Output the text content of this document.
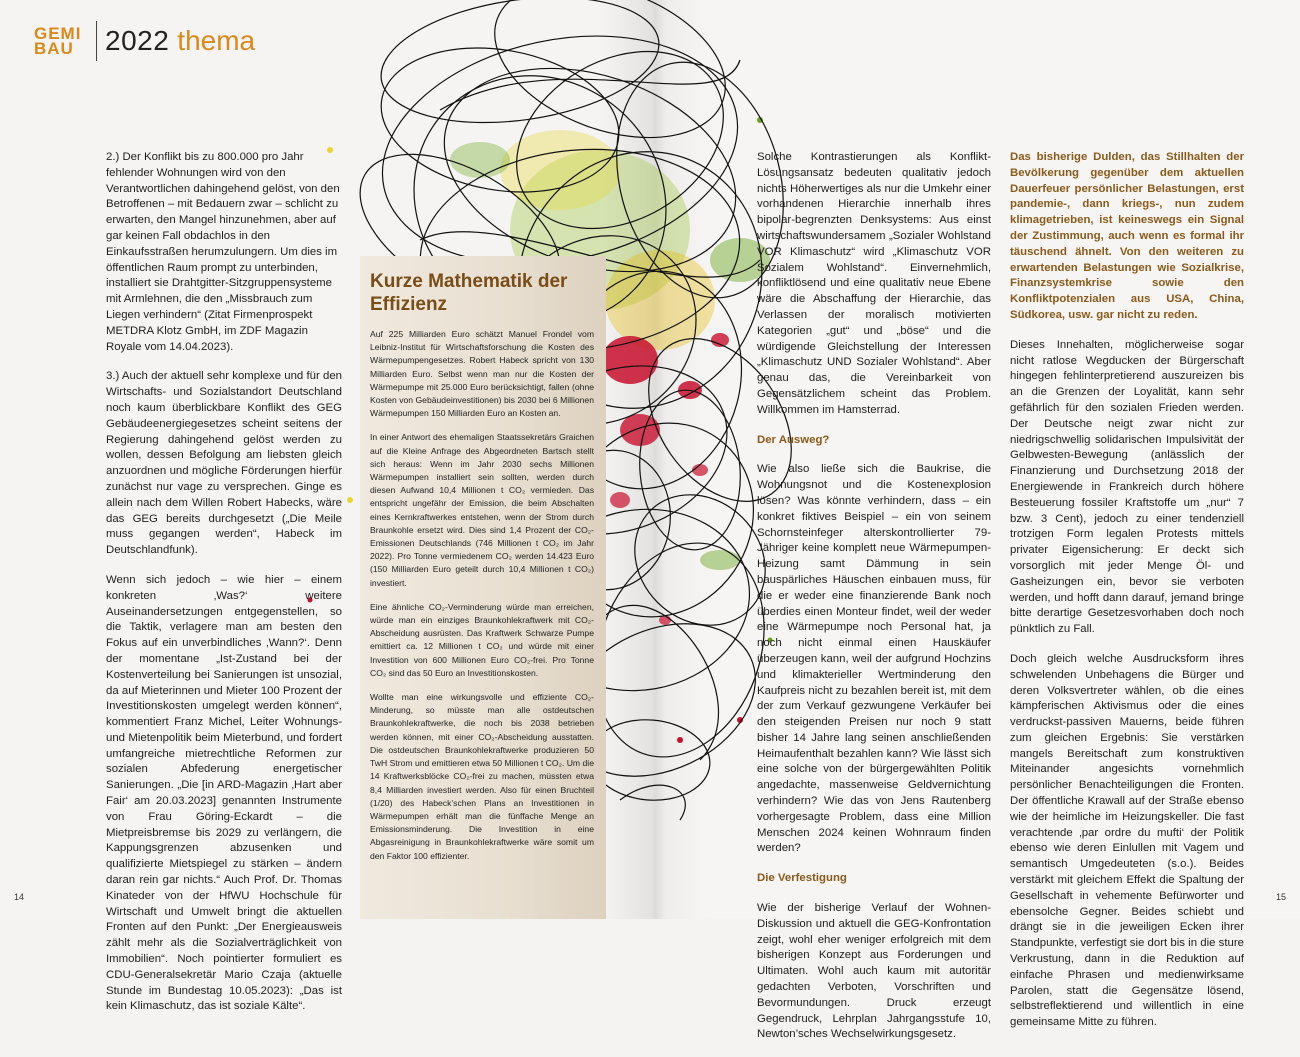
GEMI
BAU	2022 thema

2.) Der Konflikt bis zu 800.000 pro Jahr fehlender Wohnungen wird von den Verantwortlichen dahingehend gelöst, von den Betroffenen – mit Bedauern zwar – schlicht zu erwarten, den Mangel hinzunehmen, aber auf gar keinen Fall obdachlos in den Einkaufsstraßen herumzulungern. Um dies im öffentlichen Raum prompt zu unterbinden, installiert sie Drahtgitter-Sitzgruppensysteme mit Armlehnen, die den „Missbrauch zum Liegen verhindern“ (Zitat Firmenprospekt METDRA Klotz GmbH, im ZDF Magazin Royale vom 14.04.2023).

3.) Auch der aktuell sehr komplexe und für den Wirtschafts- und Sozialstandort Deutschland noch kaum überblickbare Konflikt des GEG Gebäudeenergiegesetzes scheint seitens der Regierung dahingehend gelöst werden zu wollen, dessen Befolgung am liebsten gleich anzuordnen und mögliche Förderungen hierfür zunächst nur vage zu versprechen. Ginge es allein nach dem Willen Robert Habecks, wäre das GEG bereits durchgesetzt („Die Meile muss gegangen werden“, Habeck im Deutschlandfunk).

Wenn sich jedoch – wie hier – einem konkreten ‚Was?‘ weitere Auseinandersetzungen entgegenstellen, so die Taktik, verlagere man am besten den Fokus auf ein unverbindliches ‚Wann?‘. Denn der momentane „Ist-Zustand bei der Kostenverteilung bei Sanierungen ist unsozial, da auf Mieterinnen und Mieter 100 Prozent der Investitionskosten umgelegt werden können“, kommentiert Franz Michel, Leiter Wohnungs- und Mietenpolitik beim Mieterbund, und fordert umfangreiche mietrechtliche Reformen zur sozialen Abfederung energetischer Sanierungen. „Die [in ARD-Magazin ‚Hart aber Fair‘ am 20.03.2023] genannten Instrumente von Frau Göring-Eckardt – die Mietpreisbremse bis 2029 zu verlängern, die Kappungsgrenzen abzusenken und qualifizierte Mietspiegel zu stärken – ändern daran rein gar nichts.“ Auch Prof. Dr. Thomas Kinateder von der HfWU Hochschule für Wirtschaft und Umwelt bringt die aktuellen Fronten auf den Punkt: „Der Energieausweis zählt mehr als die Sozialverträglichkeit von Immobilien“. Noch pointierter formuliert es CDU-Generalsekretär Mario Czaja (aktuelle Stunde im Bundestag 10.05.2023): „Das ist kein Klimaschutz, das ist soziale Kälte“.

Kurze Mathematik der Effizienz

Auf 225 Milliarden Euro schätzt Manuel Frondel vom Leibniz-Institut für Wirtschaftsforschung die Kosten des Wärmepumpengesetzes. Robert Habeck spricht von 130 Milliarden Euro. Selbst wenn man nur die Kosten der Wärmepumpe mit 25.000 Euro berücksichtigt, fallen (ohne Kosten von Gebäudeinvestitionen) bis 2030 bei 6 Millionen Wärmepumpen 150 Milliarden Euro an Kosten an.

In einer Antwort des ehemaligen Staatssekretärs Graichen auf die Kleine Anfrage des Abgeordneten Bartsch stellt sich heraus: Wenn im Jahr 2030 sechs Millionen Wärmepumpen installiert sein sollten, werden durch diesen Aufwand 10,4 Millionen t CO₂ vermieden. Das entspricht ungefähr der Emission, die beim Abschalten eines Kernkraftwerkes entstehen, wenn der Strom durch Braunkohle ersetzt wird. Dies sind 1,4 Prozent der CO₂-Emissionen Deutschlands (746 Millionen t CO₂ im Jahr 2022). Pro Tonne vermiedenem CO₂ werden 14.423 Euro (150 Milliarden Euro geteilt durch 10,4 Millionen t CO₂) investiert.

Eine ähnliche CO₂-Verminderung würde man erreichen, würde man ein einziges Braunkohlekraftwerk mit CO₂-Abscheidung ausrüsten. Das Kraftwerk Schwarze Pumpe emittiert ca. 12 Millionen t CO₂ und würde mit einer Investition von 600 Millionen Euro CO₂-frei. Pro Tonne CO₂ sind das 50 Euro an Investitionskosten.

Wollte man eine wirkungsvolle und effiziente CO₂-Minderung, so müsste man alle ostdeutschen Braunkohlekraftwerke, die noch bis 2038 betrieben werden können, mit einer CO₂-Abscheidung ausstatten. Die ostdeutschen Braunkohlekraftwerke produzieren 50 TwH Strom und emittieren etwa 50 Millionen t CO₂. Um die 14 Kraftwerksblöcke CO₂-frei zu machen, müssten etwa 8,4 Milliarden investiert werden. Also für einen Bruchteil (1/20) des Habeck’schen Plans an Investitionen in Wärmepumpen erhält man die fünffache Menge an Emissionsminderung. Die Investition in eine Abgasreinigung in Braunkohlekraftwerke wäre somit um den Faktor 100 effizienter.

Solche Kontrastierungen als Konflikt-Lösungsansatz bedeuten qualitativ jedoch nichts Höherwertiges als nur die Umkehr einer vorhandenen Hierarchie innerhalb ihres bipolar-begrenzten Denksystems: Aus einst wirtschaftswundersamem „Sozialer Wohlstand VOR Klimaschutz“ wird „Klimaschutz VOR Sozialem Wohlstand“. Einvernehmlich, konfliktlösend und eine qualitativ neue Ebene wäre die Abschaffung der Hierarchie, das Verlassen der moralisch motivierten Kategorien „gut“ und „böse“ und die würdigende Gleichstellung der Interessen „Klimaschutz UND Sozialer Wohlstand“. Aber genau das, die Vereinbarkeit von Gegensätzlichem scheint das Problem. Willkommen im Hamsterrad.

Der Ausweg?

Wie also ließe sich die Baukrise, die Wohnungsnot und die Kostenexplosion lösen? Was könnte verhindern, dass – ein konkret fiktives Beispiel – ein von seinem Schornsteinfeger alterskontrollierter 79-Jähriger keine komplett neue Wärmepumpen-Heizung samt Dämmung in sein bauspärliches Häuschen einbauen muss, für die er weder eine finanzierende Bank noch überdies einen Monteur findet, weil der weder eine Wärmepumpe noch Personal hat, ja noch nicht einmal einen Hauskäufer überzeugen kann, weil der aufgrund Hochzins und klimakterieller Wertminderung den Kaufpreis nicht zu bezahlen bereit ist, mit dem der zum Verkauf gezwungene Verkäufer bei den steigenden Preisen nur noch 9 statt bisher 14 Jahre lang seinen anschließenden Heimaufenthalt bezahlen kann? Wie lässt sich eine solche von der bürgergewählten Politik angedachte, massenweise Geldvernichtung verhindern? Wie das von Jens Rautenberg vorhergesagte Problem, dass eine Million Menschen 2024 keinen Wohnraum finden werden?

Die Verfestigung

Wie der bisherige Verlauf der Wohnen-Diskussion und aktuell die GEG-Konfrontation zeigt, wohl eher weniger erfolgreich mit dem bisherigen Konzept aus Forderungen und Ultimaten. Wohl auch kaum mit autoritär gedachten Verboten, Vorschriften und Bevormundungen. Druck erzeugt Gegendruck, Lehrplan Jahrgangsstufe 10, Newton’sches Wechselwirkungsgesetz.

Das bisherige Dulden, das Stillhalten der Bevölkerung gegenüber dem aktuellen Dauerfeuer persönlicher Belastungen, erst pandemie-, dann kriegs-, nun zudem klimagetrieben, ist keineswegs ein Signal der Zustimmung, auch wenn es formal ihr täuschend ähnelt. Von den weiteren zu erwartenden Belastungen wie Sozialkrise, Finanzsystemkrise sowie den Konfliktpotenzialen aus USA, China, Südkorea, usw. gar nicht zu reden.

Dieses Innehalten, möglicherweise sogar nicht ratlose Wegducken der Bürgerschaft hingegen fehlinterpretierend auszureizen bis an die Grenzen der Loyalität, kann sehr gefährlich für den sozialen Frieden werden. Der Deutsche neigt zwar nicht zur niedrigschwellig solidarischen Impulsivität der Gelbwesten-Bewegung (anlässlich der Finanzierung und Durchsetzung 2018 der Energiewende in Frankreich durch höhere Besteuerung fossiler Kraftstoffe um „nur“ 7 bzw. 3 Cent), jedoch zu einer tendenziell trotzigen Form legalen Protests mittels privater Eigensicherung: Er deckt sich vorsorglich mit jeder Menge Öl- und Gasheizungen ein, bevor sie verboten werden, und hofft dann darauf, jemand bringe bitte derartige Gesetzesvorhaben doch noch pünktlich zu Fall.

Doch gleich welche Ausdrucksform ihres schwelenden Unbehagens die Bürger und deren Volksvertreter wählen, ob die eines kämpferischen Aktivismus oder die eines verdruckst-passiven Mauerns, beide führen zum gleichen Ergebnis: Sie verstärken mangels Bereitschaft zum konstruktiven Miteinander angesichts vornehmlich persönlicher Benachteiligungen die Fronten. Der öffentliche Krawall auf der Straße ebenso wie der heimliche im Heizungskeller. Die fast verachtende ‚par ordre du mufti‘ der Politik ebenso wie deren Einlullen mit Vagem und semantisch Umgedeuteten (s.o.). Beides verstärkt mit gleichem Effekt die Spaltung der Gesellschaft in vehemente Befürworter und ebensolche Gegner. Beides schiebt und drängt sie in die jeweiligen Ecken ihrer Standpunkte, verfestigt sie dort bis in die sture Verkrustung, dann in die Reduktion auf einfache Phrasen und medienwirksame Parolen, statt die Gegensätze lösend, selbstreflektierend und willentlich in eine gemeinsame Mitte zu führen.

14	15
